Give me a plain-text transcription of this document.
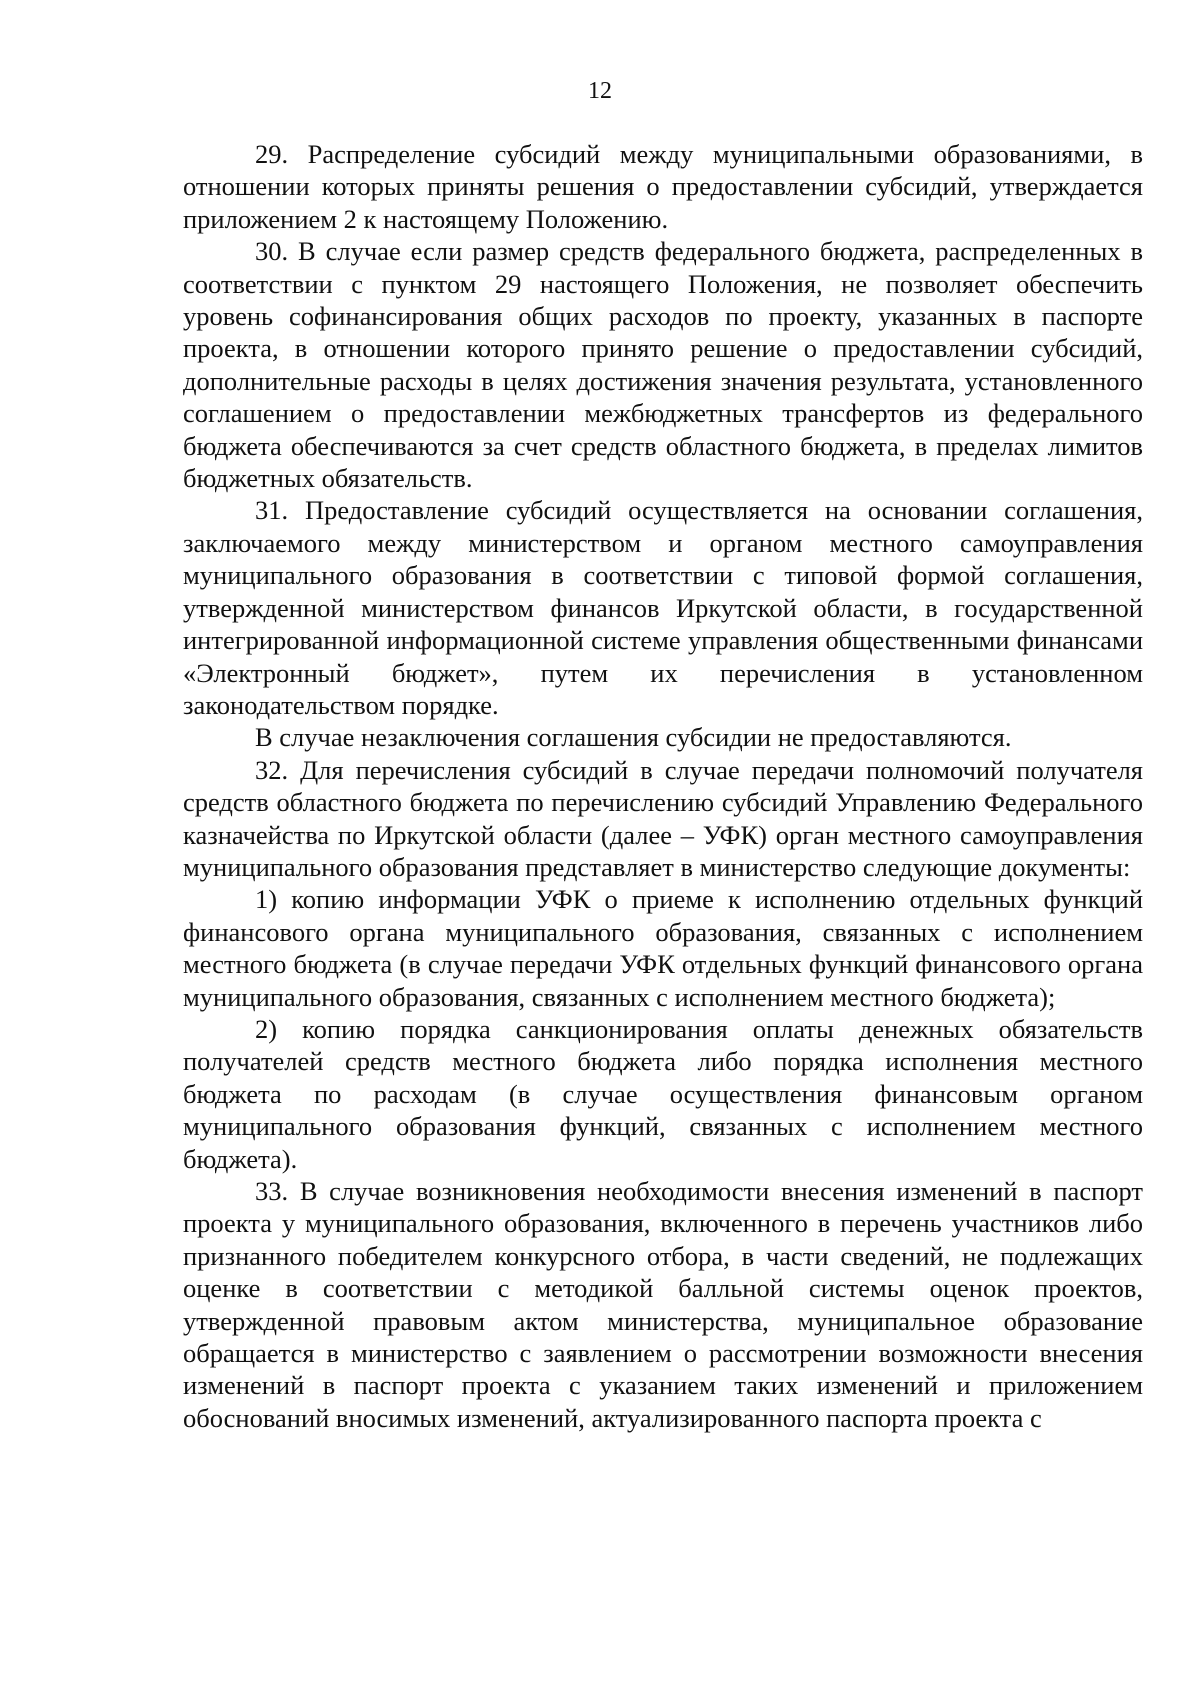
12

29. Распределение субсидий между муниципальными образованиями, в отношении которых приняты решения о предоставлении субсидий, утверждается приложением 2 к настоящему Положению.

30. В случае если размер средств федерального бюджета, распределенных в соответствии с пунктом 29 настоящего Положения, не позволяет обеспечить уровень софинансирования общих расходов по проекту, указанных в паспорте проекта, в отношении которого принято решение о предоставлении субсидий, дополнительные расходы в целях достижения значения результата, установленного соглашением о предоставлении межбюджетных трансфертов из федерального бюджета обеспечиваются за счет средств областного бюджета, в пределах лимитов бюджетных обязательств.

31. Предоставление субсидий осуществляется на основании соглашения, заключаемого между министерством и органом местного самоуправления муниципального образования в соответствии с типовой формой соглашения, утвержденной министерством финансов Иркутской области, в государственной интегрированной информационной системе управления общественными финансами «Электронный бюджет», путем их перечисления в установленном законодательством порядке.

В случае незаключения соглашения субсидии не предоставляются.

32. Для перечисления субсидий в случае передачи полномочий получателя средств областного бюджета по перечислению субсидий Управлению Федерального казначейства по Иркутской области (далее – УФК) орган местного самоуправления муниципального образования представляет в министерство следующие документы:

1) копию информации УФК о приеме к исполнению отдельных функций финансового органа муниципального образования, связанных с исполнением местного бюджета (в случае передачи УФК отдельных функций финансового органа муниципального образования, связанных с исполнением местного бюджета);

2) копию порядка санкционирования оплаты денежных обязательств получателей средств местного бюджета либо порядка исполнения местного бюджета по расходам (в случае осуществления финансовым органом муниципального образования функций, связанных с исполнением местного бюджета).

33. В случае возникновения необходимости внесения изменений в паспорт проекта у муниципального образования, включенного в перечень участников либо признанного победителем конкурсного отбора, в части сведений, не подлежащих оценке в соответствии с методикой балльной системы оценок проектов, утвержденной правовым актом министерства, муниципальное образование обращается в министерство с заявлением о рассмотрении возможности внесения изменений в паспорт проекта с указанием таких изменений и приложением обоснований вносимых изменений, актуализированного паспорта проекта с
